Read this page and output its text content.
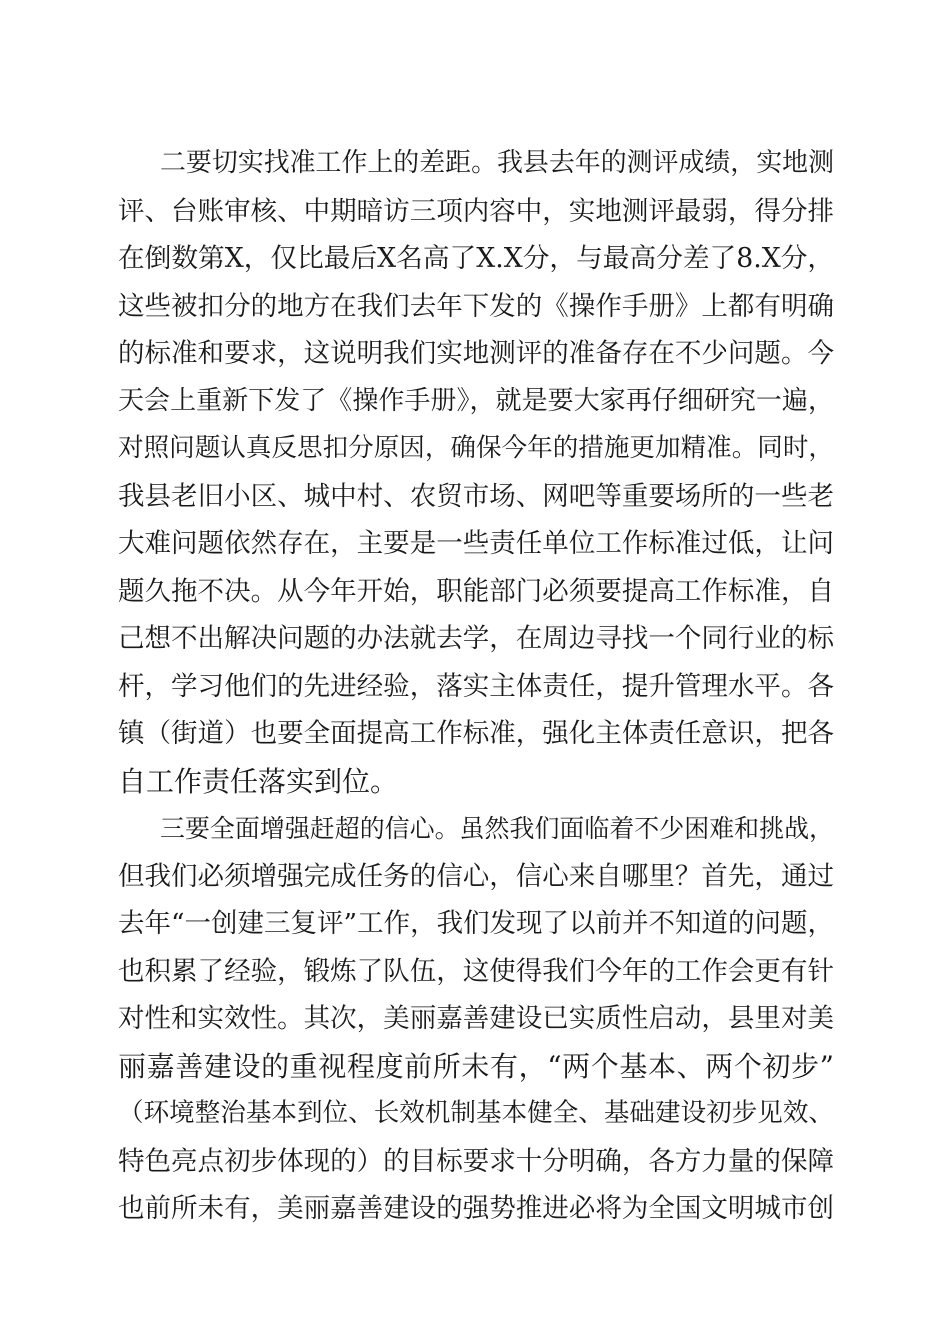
二要切实找准工作上的差距。我县去年的测评成绩，实地测
评、台账审核、中期暗访三项内容中，实地测评最弱，得分排
在倒数第X，仅比最后X名高了X.X分，与最高分差了8.X分，
这些被扣分的地方在我们去年下发的《操作手册》上都有明确
的标准和要求，这说明我们实地测评的准备存在不少问题。今
天会上重新下发了《操作手册》，就是要大家再仔细研究一遍，
对照问题认真反思扣分原因，确保今年的措施更加精准。同时，
我县老旧小区、城中村、农贸市场、网吧等重要场所的一些老
大难问题依然存在，主要是一些责任单位工作标准过低，让问
题久拖不决。从今年开始，职能部门必须要提高工作标准，自
己想不出解决问题的办法就去学，在周边寻找一个同行业的标
杆，学习他们的先进经验，落实主体责任，提升管理水平。各
镇（街道）也要全面提高工作标准，强化主体责任意识，把各
自工作责任落实到位。
三要全面增强赶超的信心。虽然我们面临着不少困难和挑战，
但我们必须增强完成任务的信心，信心来自哪里？首先，通过
去年“一创建三复评”工作，我们发现了以前并不知道的问题，
也积累了经验，锻炼了队伍，这使得我们今年的工作会更有针
对性和实效性。其次，美丽嘉善建设已实质性启动，县里对美
丽嘉善建设的重视程度前所未有，“两个基本、两个初步”
（环境整治基本到位、长效机制基本健全、基础建设初步见效、
特色亮点初步体现的）的目标要求十分明确，各方力量的保障
也前所未有，美丽嘉善建设的强势推进必将为全国文明城市创
